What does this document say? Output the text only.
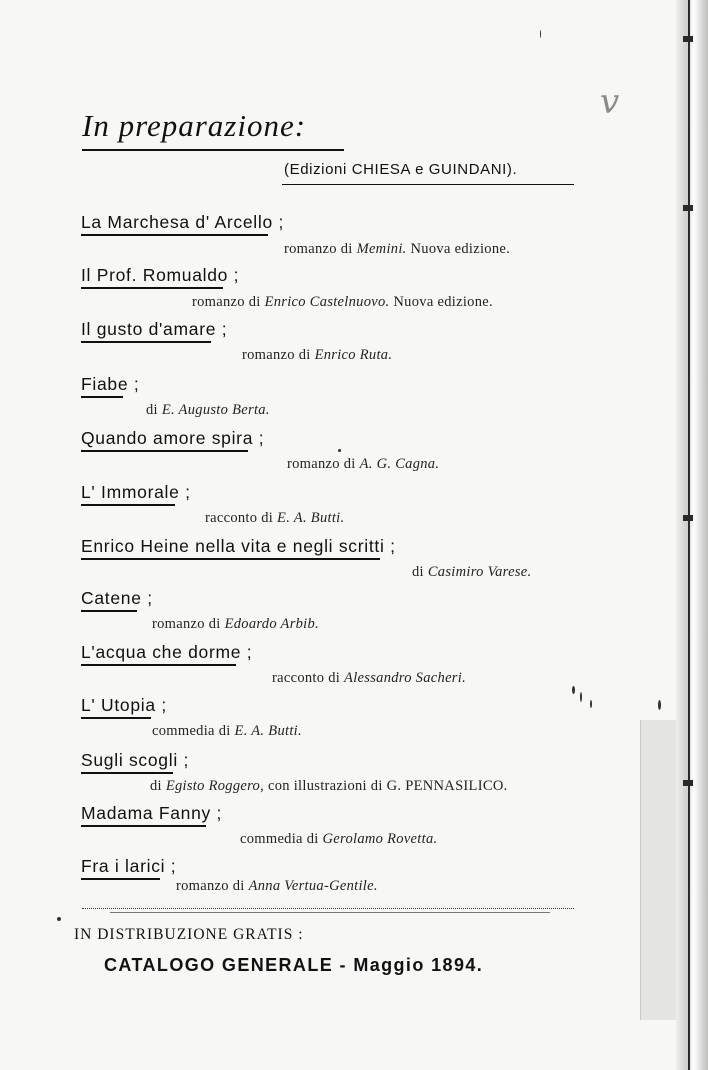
v
In preparazione:
(Edizioni CHIESA e GUINDANI).
La Marchesa d' Arcello ;
romanzo di Memini. Nuova edizione.
Il Prof. Romualdo ;
romanzo di Enrico Castelnuovo. Nuova edizione.
Il gusto d'amare ;
romanzo di Enrico Ruta.
Fiabe ;
di E. Augusto Berta.
Quando amore spira ;
romanzo di A. G. Cagna.
L' Immorale ;
racconto di E. A. Butti.
Enrico Heine nella vita e negli scritti ;
di Casimiro Varese.
Catene ;
romanzo di Edoardo Arbib.
L'acqua che dorme ;
racconto di Alessandro Sacheri.
L' Utopia ;
commedia di E. A. Butti.
Sugli scogli ;
di Egisto Roggero, con illustrazioni di G. PENNASILICO.
Madama Fanny ;
commedia di Gerolamo Rovetta.
Fra i larici ;
romanzo di Anna Vertua-Gentile.
IN DISTRIBUZIONE GRATIS :
CATALOGO GENERALE - Maggio 1894.
